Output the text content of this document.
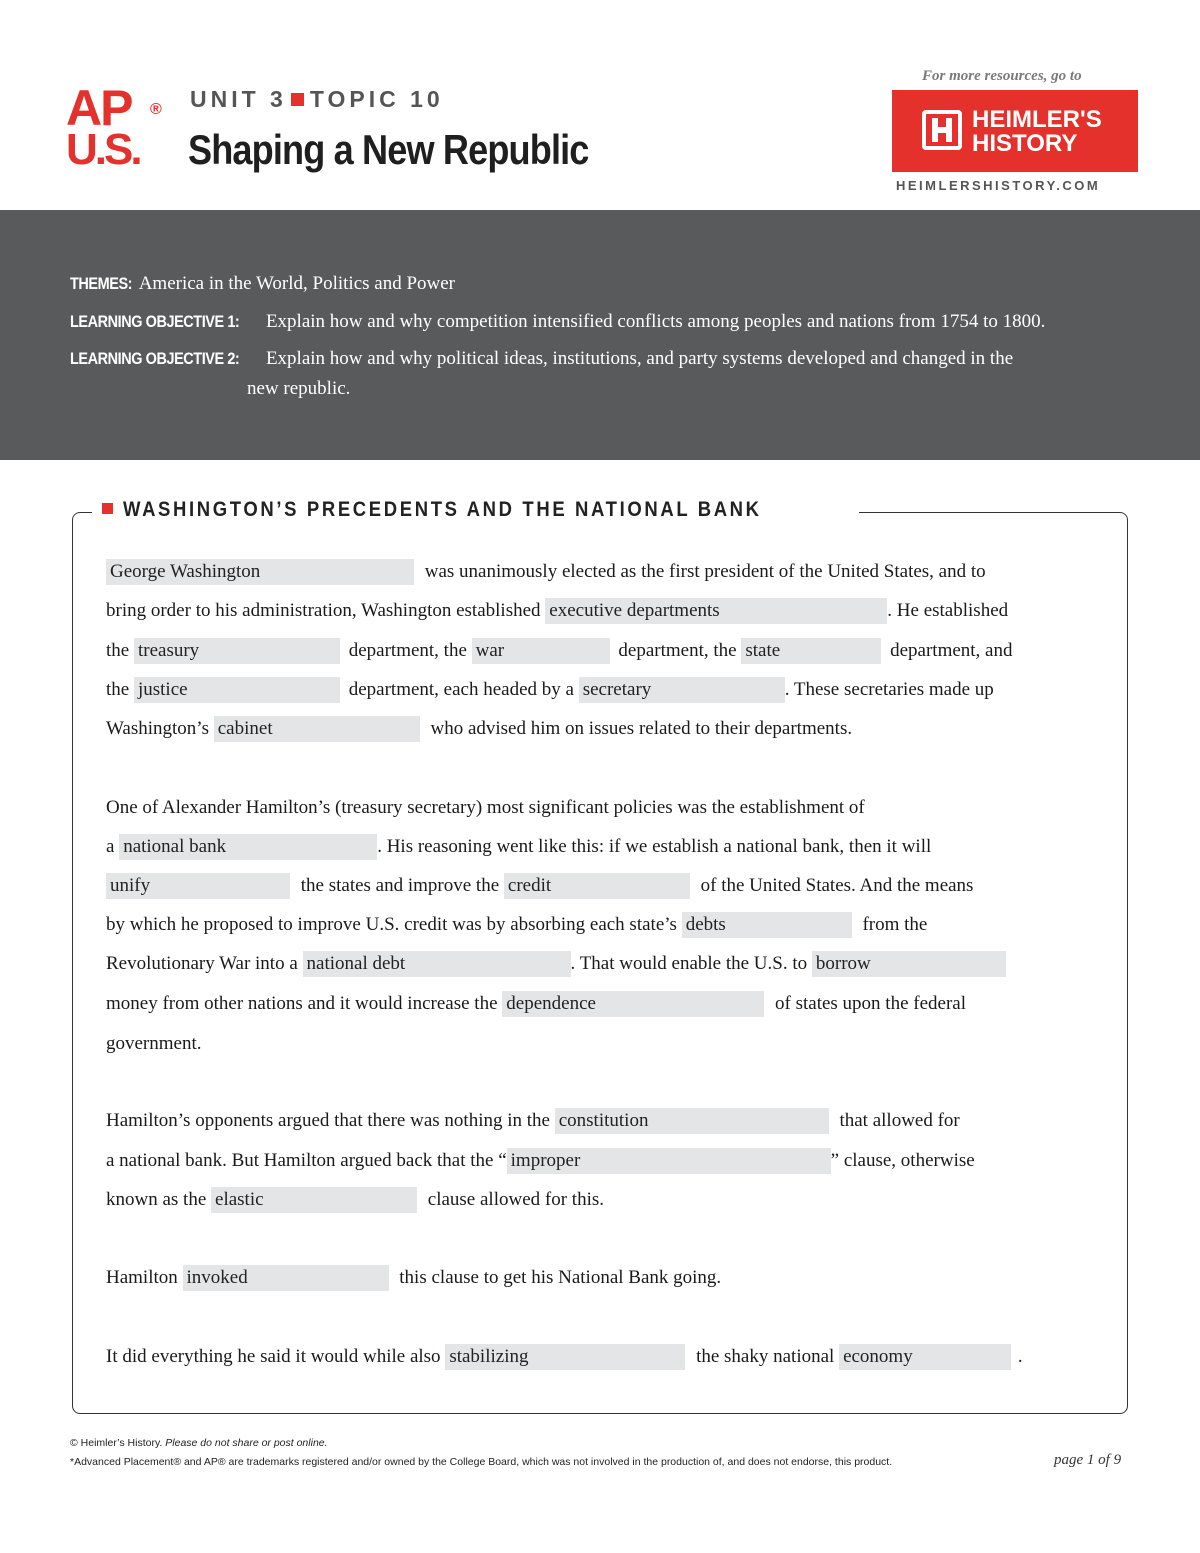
AP ®
U.S.
UNIT 3 TOPIC 10
Shaping a New Republic
For more resources, go to
HEIMLER'S
HISTORY
HEIMLERSHISTORY.COM
THEMES: America in the World, Politics and Power
LEARNING OBJECTIVE 1: Explain how and why competition intensified conflicts among peoples and nations from 1754 to 1800.
LEARNING OBJECTIVE 2: Explain how and why political ideas, institutions, and party systems developed and changed in the
new republic.
WASHINGTON’S PRECEDENTS AND THE NATIONAL BANK
George Washington	was unanimously elected as the first president of the United States, and to
bring order to his administration, Washington established executive departments	. He established
the treasury	department, the war	department, the state	department, and
the justice	department, each headed by a secretary	. These secretaries made up
Washington’s cabinet	who advised him on issues related to their departments.
One of Alexander Hamilton’s (treasury secretary) most significant policies was the establishment of
a national bank	. His reasoning went like this: if we establish a national bank, then it will
unify	the states and improve the credit	of the United States. And the means
by which he proposed to improve U.S. credit was by absorbing each state’s debts	from the
Revolutionary War into a national debt	. That would enable the U.S. to borrow
money from other nations and it would increase the dependence	of states upon the federal
government.
Hamilton’s opponents argued that there was nothing in the constitution	that allowed for
a national bank. But Hamilton argued back that the “ improper	” clause, otherwise
known as the elastic	clause allowed for this.
Hamilton invoked	this clause to get his National Bank going.
It did everything he said it would while also stabilizing	the shaky national economy	.
© Heimler’s History. Please do not share or post online.
*Advanced Placement® and AP® are trademarks registered and/or owned by the College Board, which was not involved in the production of, and does not endorse, this product.	page 1 of 9
